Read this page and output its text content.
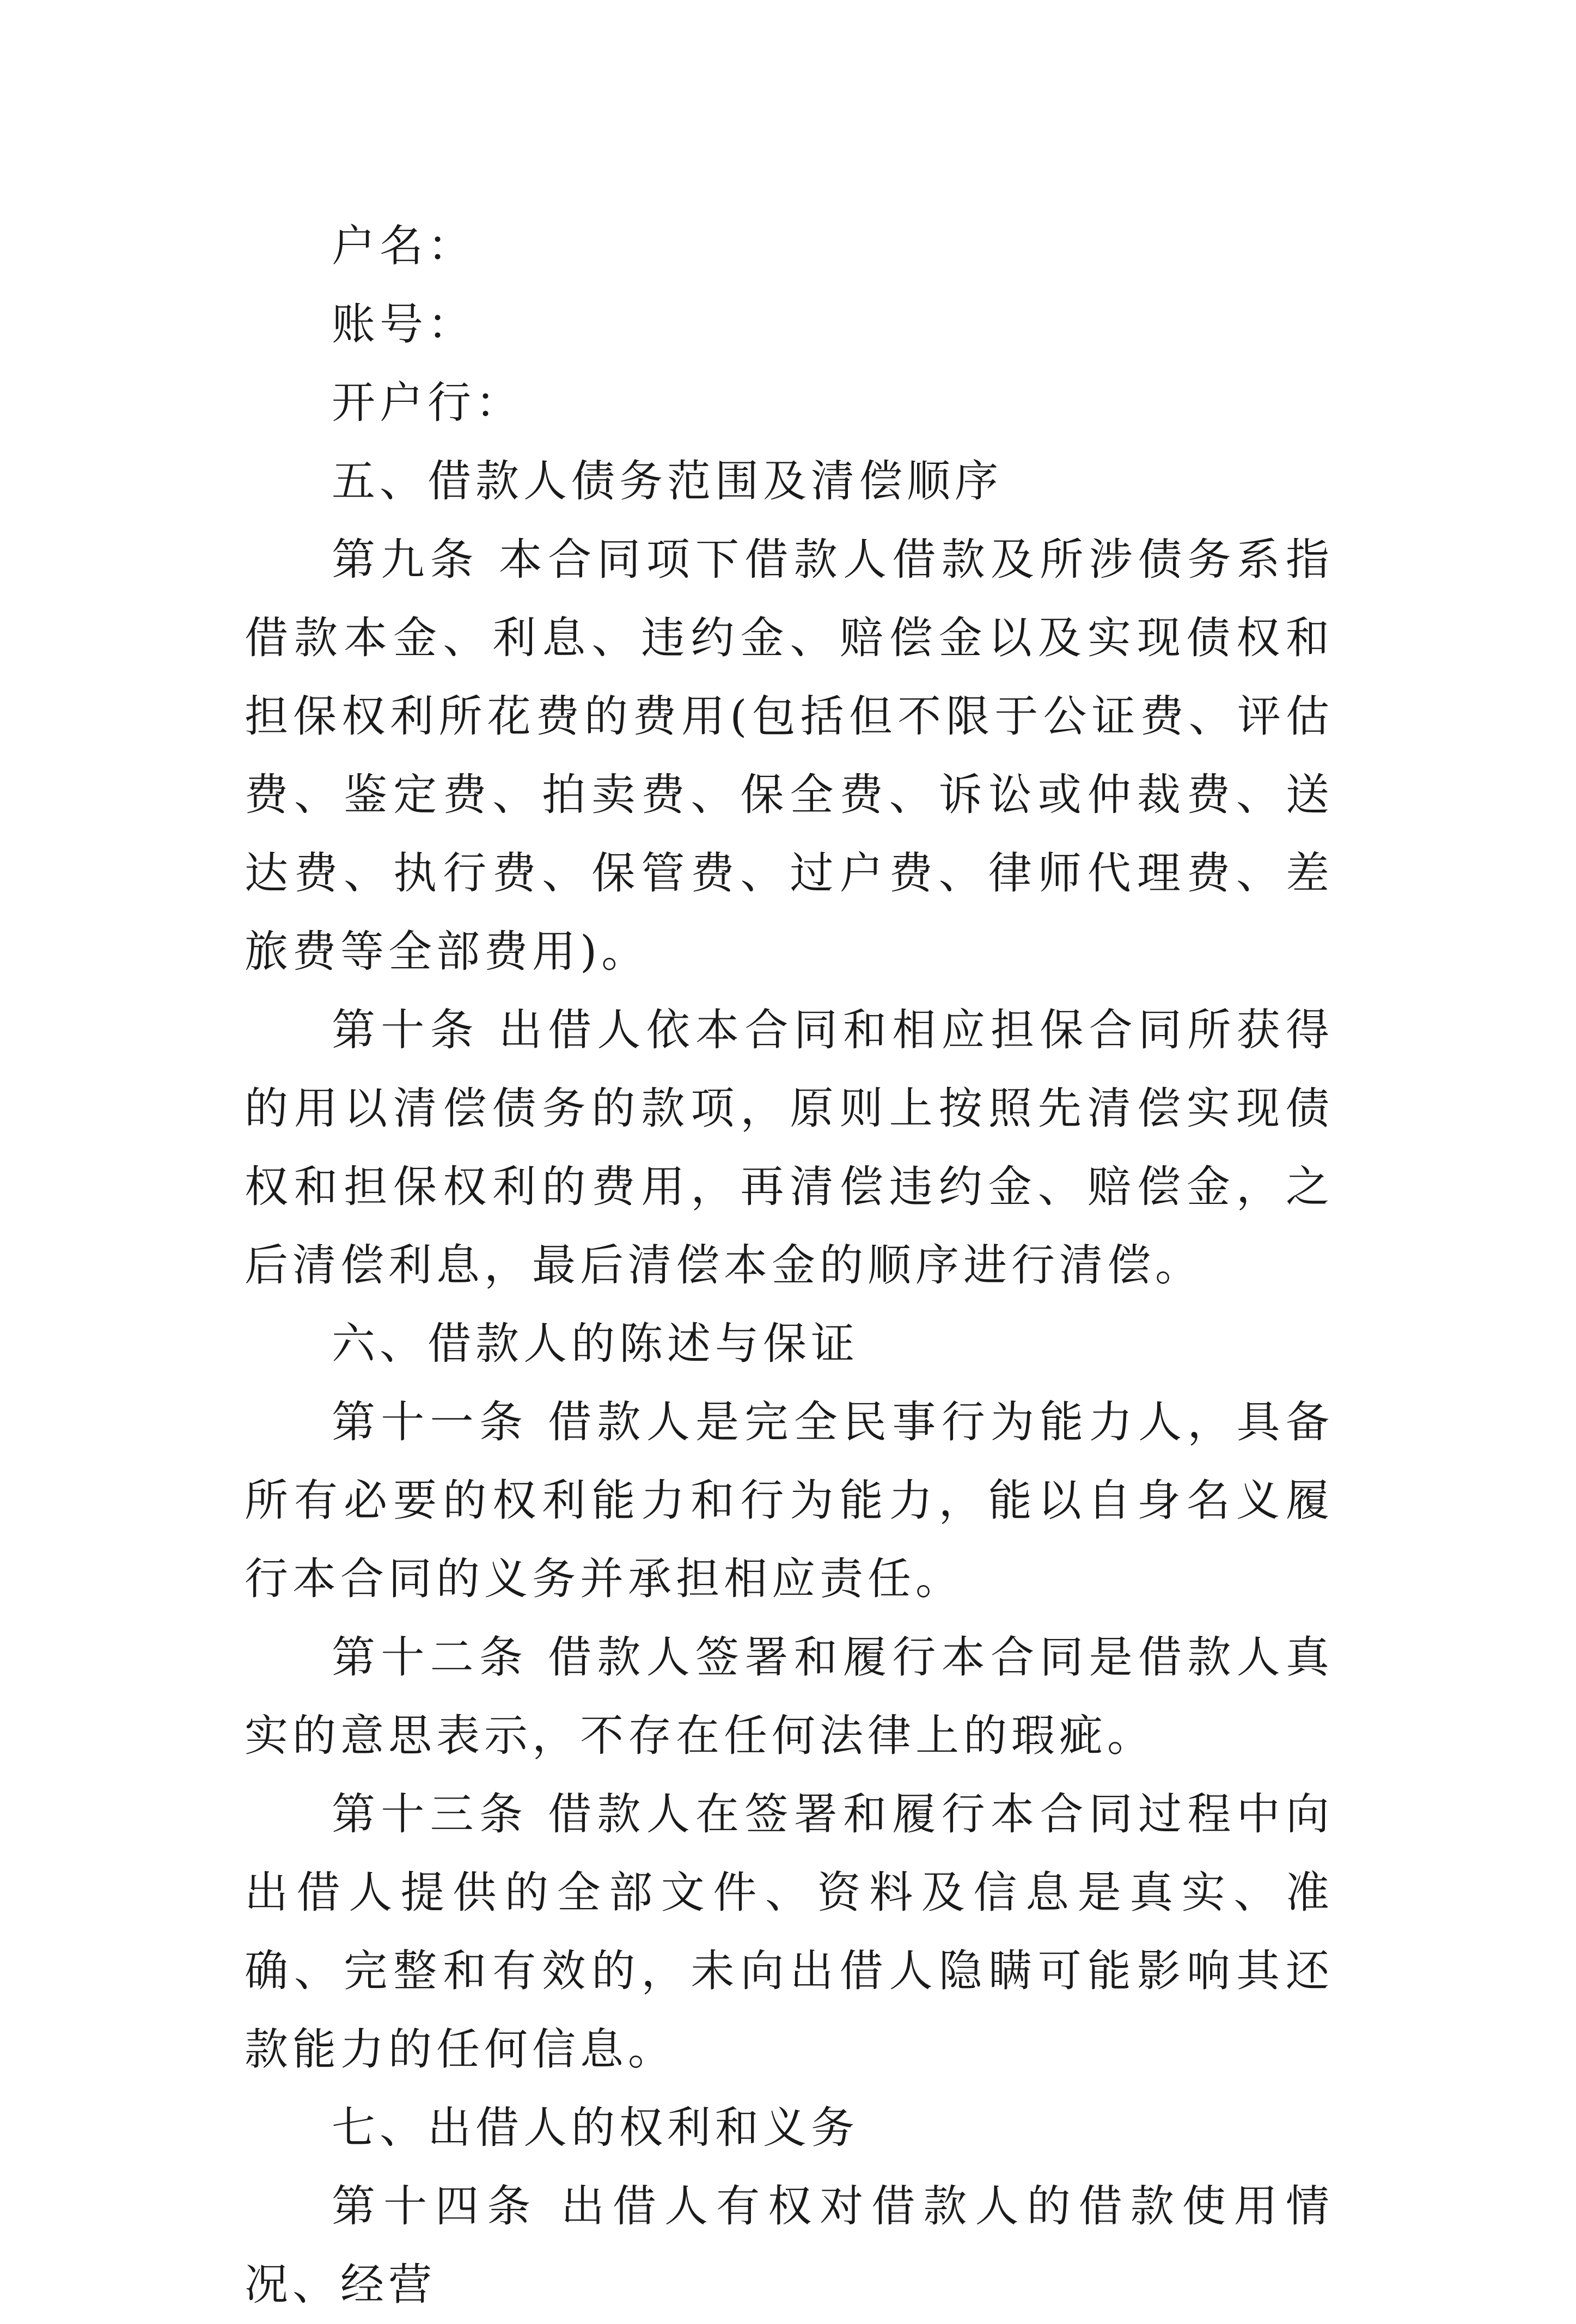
户名：

账号：

开户行：

五、借款人债务范围及清偿顺序

第九条 本合同项下借款人借款及所涉债务系指借款本金、利息、违约金、赔偿金以及实现债权和担保权利所花费的费用(包括但不限于公证费、评估费、鉴定费、拍卖费、保全费、诉讼或仲裁费、送达费、执行费、保管费、过户费、律师代理费、差旅费等全部费用)。

第十条 出借人依本合同和相应担保合同所获得的用以清偿债务的款项，原则上按照先清偿实现债权和担保权利的费用，再清偿违约金、赔偿金，之后清偿利息，最后清偿本金的顺序进行清偿。

六、借款人的陈述与保证

第十一条 借款人是完全民事行为能力人，具备所有必要的权利能力和行为能力，能以自身名义履行本合同的义务并承担相应责任。

第十二条 借款人签署和履行本合同是借款人真实的意思表示，不存在任何法律上的瑕疵。

第十三条 借款人在签署和履行本合同过程中向出借人提供的全部文件、资料及信息是真实、准确、完整和有效的，未向出借人隐瞒可能影响其还款能力的任何信息。

七、出借人的权利和义务

第十四条 出借人有权对借款人的借款使用情况、经营
